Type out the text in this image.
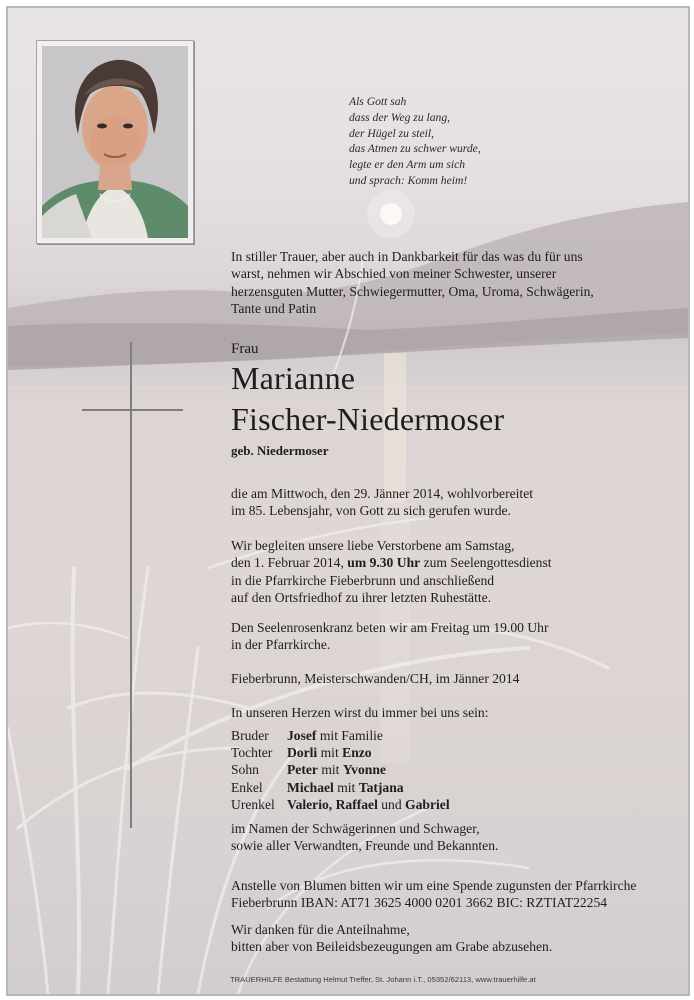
Als Gott sah
dass der Weg zu lang,
der Hügel zu steil,
das Atmen zu schwer wurde,
legte er den Arm um sich
und sprach: Komm heim!
In stiller Trauer, aber auch in Dankbarkeit für das was du für uns
warst, nehmen wir Abschied von meiner Schwester, unserer
herzensguten Mutter, Schwiegermutter, Oma, Uroma, Schwägerin,
Tante und Patin
Frau
Marianne
Fischer-Niedermoser
geb. Niedermoser
die am Mittwoch, den 29. Jänner 2014, wohlvorbereitet
im 85. Lebensjahr, von Gott zu sich gerufen wurde.
Wir begleiten unsere liebe Verstorbene am Samstag,
den 1. Februar 2014, um 9.30 Uhr zum Seelengottesdienst
in die Pfarrkirche Fieberbrunn und anschließend
auf den Ortsfriedhof zu ihrer letzten Ruhestätte.
Den Seelenrosenkranz beten wir am Freitag um 19.00 Uhr
in der Pfarrkirche.
Fieberbrunn, Meisterschwanden/CH, im Jänner 2014
In unseren Herzen wirst du immer bei uns sein:
Bruder Josef mit Familie
Tochter Dorli mit Enzo
Sohn Peter mit Yvonne
Enkel Michael mit Tatjana
Urenkel Valerio, Raffael und Gabriel
im Namen der Schwägerinnen und Schwager,
sowie aller Verwandten, Freunde und Bekannten.
Anstelle von Blumen bitten wir um eine Spende zugunsten der Pfarrkirche
Fieberbrunn IBAN: AT71 3625 4000 0201 3662 BIC: RZTIAT22254
Wir danken für die Anteilnahme,
bitten aber von Beileidsbezeugungen am Grabe abzusehen.
TRAUERHILFE Bestattung Helmut Treffer, St. Johann i.T., 05352/62113, www.trauerhilfe.at
